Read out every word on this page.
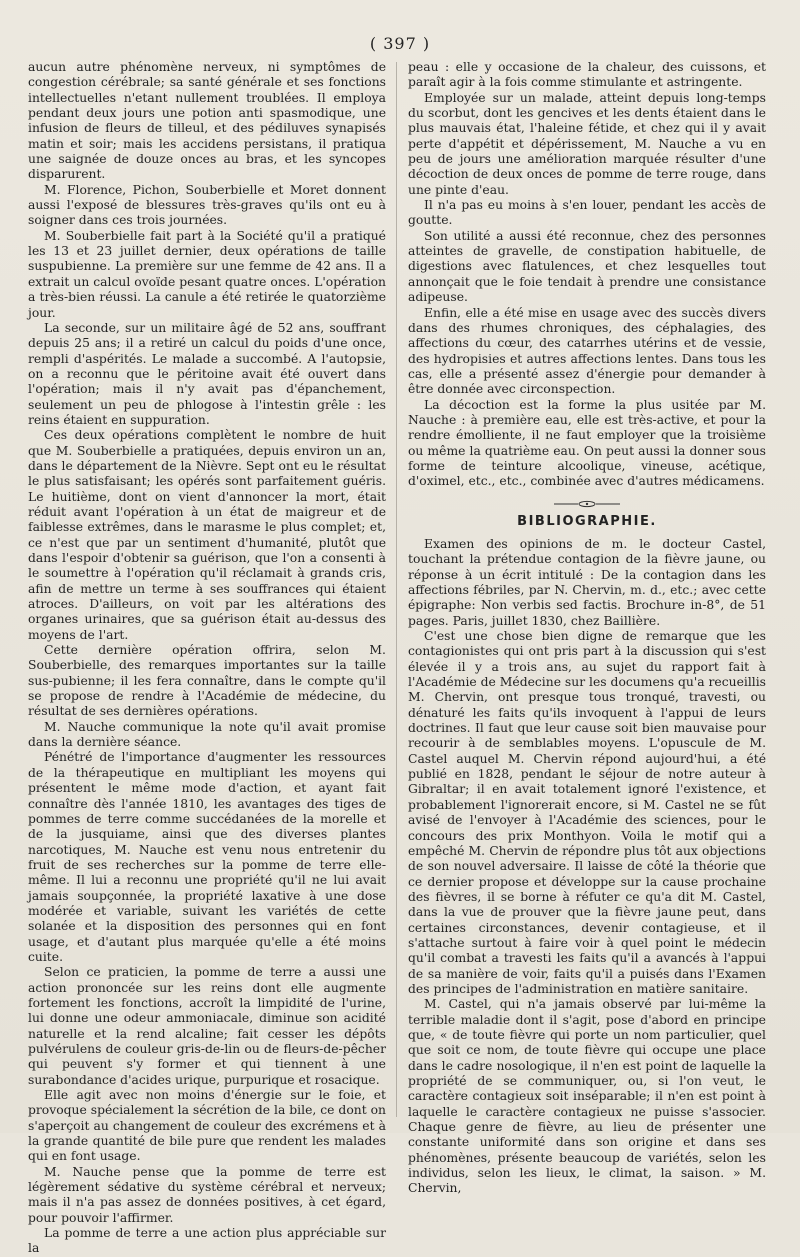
( 397 )

aucun autre phénomène nerveux, ni symptômes de congestion cérébrale; sa santé générale et ses fonctions intellectuelles n'etant nullement troublées. Il employa pendant deux jours une potion anti spasmodique, une infusion de fleurs de tilleul, et des pédiluves synapisés matin et soir; mais les accidens persistans, il pratiqua une saignée de douze onces au bras, et les syncopes disparurent.

M. Florence, Pichon, Souberbielle et Moret donnent aussi l'exposé de blessures très-graves qu'ils ont eu à soigner dans ces trois journées.

M. Souberbielle fait part à la Société qu'il a pratiqué les 13 et 23 juillet dernier, deux opérations de taille suspubienne. La première sur une femme de 42 ans. Il a extrait un calcul ovoïde pesant quatre onces. L'opération a très-bien réussi. La canule a été retirée le quatorzième jour.

La seconde, sur un militaire âgé de 52 ans, souffrant depuis 25 ans; il a retiré un calcul du poids d'une once, rempli d'aspérités. Le malade a succombé. A l'autopsie, on a reconnu que le péritoine avait été ouvert dans l'opération; mais il n'y avait pas d'épanchement, seulement un peu de phlogose à l'intestin grêle : les reins étaient en suppuration.

Ces deux opérations complètent le nombre de huit que M. Souberbielle a pratiquées, depuis environ un an, dans le département de la Nièvre. Sept ont eu le résultat le plus satisfaisant; les opérés sont parfaitement guéris. Le huitième, dont on vient d'annoncer la mort, était réduit avant l'opération à un état de maigreur et de faiblesse extrêmes, dans le marasme le plus complet; et, ce n'est que par un sentiment d'humanité, plutôt que dans l'espoir d'obtenir sa guérison, que l'on a consenti à le soumettre à l'opération qu'il réclamait à grands cris, afin de mettre un terme à ses souffrances qui étaient atroces. D'ailleurs, on voit par les altérations des organes urinaires, que sa guérison était au-dessus des moyens de l'art.

Cette dernière opération offrira, selon M. Souberbielle, des remarques importantes sur la taille sus-pubienne; il les fera connaître, dans le compte qu'il se propose de rendre à l'Académie de médecine, du résultat de ses dernières opérations.

M. Nauche communique la note qu'il avait promise dans la dernière séance.

Pénétré de l'importance d'augmenter les ressources de la thérapeutique en multipliant les moyens qui présentent le même mode d'action, et ayant fait connaître dès l'année 1810, les avantages des tiges de pommes de terre comme succédanées de la morelle et de la jusquiame, ainsi que des diverses plantes narcotiques, M. Nauche est venu nous entretenir du fruit de ses recherches sur la pomme de terre elle-même. Il lui a reconnu une propriété qu'il ne lui avait jamais soupçonnée, la propriété laxative à une dose modérée et variable, suivant les variétés de cette solanée et la disposition des personnes qui en font usage, et d'autant plus marquée qu'elle a été moins cuite.

Selon ce praticien, la pomme de terre a aussi une action prononcée sur les reins dont elle augmente fortement les fonctions, accroît la limpidité de l'urine, lui donne une odeur ammoniacale, diminue son acidité naturelle et la rend alcaline; fait cesser les dépôts pulvérulens de couleur gris-de-lin ou de fleurs-de-pêcher qui peuvent s'y former et qui tiennent à une surabondance d'acides urique, purpurique et rosacique.

Elle agit avec non moins d'énergie sur le foie, et provoque spécialement la sécrétion de la bile, ce dont on s'aperçoit au changement de couleur des excrémens et à la grande quantité de bile pure que rendent les malades qui en font usage.

M. Nauche pense que la pomme de terre est légèrement sédative du système cérébral et nerveux; mais il n'a pas assez de données positives, à cet égard, pour pouvoir l'affirmer.

La pomme de terre a une action plus appréciable sur la

peau : elle y occasione de la chaleur, des cuissons, et paraît agir à la fois comme stimulante et astringente.

Employée sur un malade, atteint depuis long-temps du scorbut, dont les gencives et les dents étaient dans le plus mauvais état, l'haleine fétide, et chez qui il y avait perte d'appétit et dépérissement, M. Nauche a vu en peu de jours une amélioration marquée résulter d'une décoction de deux onces de pomme de terre rouge, dans une pinte d'eau.

Il n'a pas eu moins à s'en louer, pendant les accès de goutte.

Son utilité a aussi été reconnue, chez des personnes atteintes de gravelle, de constipation habituelle, de digestions avec flatulences, et chez lesquelles tout annonçait que le foie tendait à prendre une consistance adipeuse.

Enfin, elle a été mise en usage avec des succès divers dans des rhumes chroniques, des céphalagies, des affections du cœur, des catarrhes utérins et de vessie, des hydropisies et autres affections lentes. Dans tous les cas, elle a présenté assez d'énergie pour demander à être donnée avec circonspection.

La décoction est la forme la plus usitée par M. Nauche : à première eau, elle est très-active, et pour la rendre émolliente, il ne faut employer que la troisième ou même la quatrième eau. On peut aussi la donner sous forme de teinture alcoolique, vineuse, acétique, d'oximel, etc., etc., combinée avec d'autres médicamens.

BIBLIOGRAPHIE.

Examen des opinions de m. le docteur Castel, touchant la prétendue contagion de la fièvre jaune, ou réponse à un écrit intitulé : De la contagion dans les affections fébriles, par N. Chervin, m. d., etc.; avec cette épigraphe: Non verbis sed factis. Brochure in-8°, de 51 pages. Paris, juillet 1830, chez Baillière.

C'est une chose bien digne de remarque que les contagionistes qui ont pris part à la discussion qui s'est élevée il y a trois ans, au sujet du rapport fait à l'Académie de Médecine sur les documens qu'a recueillis M. Chervin, ont presque tous tronqué, travesti, ou dénaturé les faits qu'ils invoquent à l'appui de leurs doctrines. Il faut que leur cause soit bien mauvaise pour recourir à de semblables moyens. L'opuscule de M. Castel auquel M. Chervin répond aujourd'hui, a été publié en 1828, pendant le séjour de notre auteur à Gibraltar; il en avait totalement ignoré l'existence, et probablement l'ignorerait encore, si M. Castel ne se fût avisé de l'envoyer à l'Académie des sciences, pour le concours des prix Monthyon. Voila le motif qui a empêché M. Chervin de répondre plus tôt aux objections de son nouvel adversaire. Il laisse de côté la théorie que ce dernier propose et développe sur la cause prochaine des fièvres, il se borne à réfuter ce qu'a dit M. Castel, dans la vue de prouver que la fièvre jaune peut, dans certaines circonstances, devenir contagieuse, et il s'attache surtout à faire voir à quel point le médecin qu'il combat a travesti les faits qu'il a avancés à l'appui de sa manière de voir, faits qu'il a puisés dans l'Examen des principes de l'administration en matière sanitaire.

M. Castel, qui n'a jamais observé par lui-même la terrible maladie dont il s'agit, pose d'abord en principe que, « de toute fièvre qui porte un nom particulier, quel que soit ce nom, de toute fièvre qui occupe une place dans le cadre nosologique, il n'en est point de laquelle la propriété de se communiquer, ou, si l'on veut, le caractère contagieux soit inséparable; il n'en est point à laquelle le caractère contagieux ne puisse s'associer. Chaque genre de fièvre, au lieu de présenter une constante uniformité dans son origine et dans ses phénomènes, présente beaucoup de variétés, selon les individus, selon les lieux, le climat, la saison. » M. Chervin,
